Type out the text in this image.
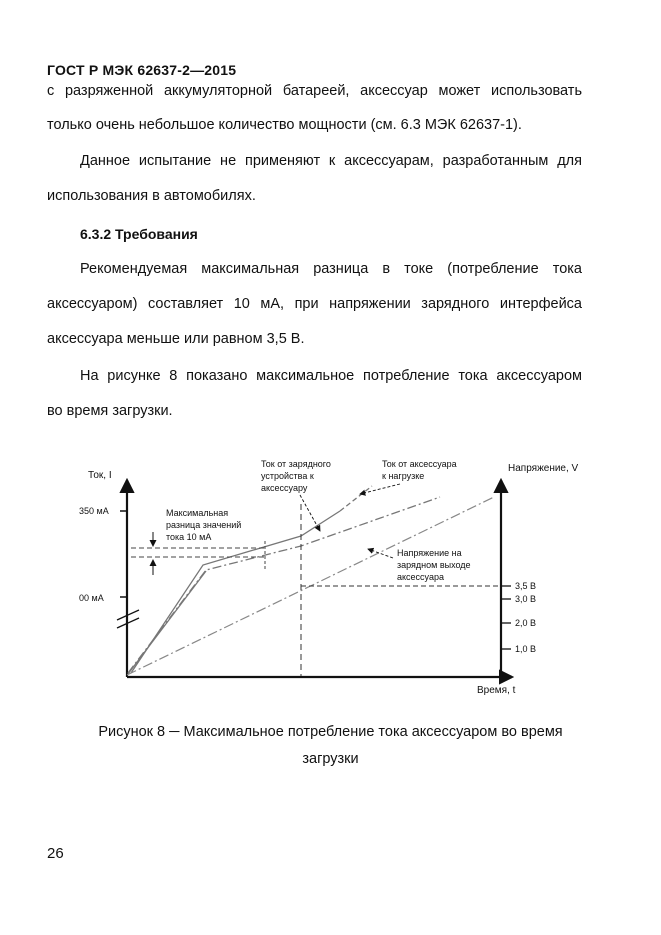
ГОСТ Р МЭК 62637-2—2015
с разряженной аккумуляторной батареей, аксессуар может использовать
только очень небольшое количество мощности (см. 6.3 МЭК 62637-1).
Данное испытание не применяют к аксессуарам, разработанным для
использования в автомобилях.
6.3.2 Требования
Рекомендуемая максимальная разница в токе (потребление тока
аксессуаром) составляет 10 мА, при напряжении зарядного интерфейса
аксессуара меньше или равном 3,5 В.
На рисунке 8 показано максимальное потребление тока аксессуаром
во время загрузки.
350 мА
00 мА
3,5 В
3,0 В
2,0 В
1,0 В
Ток, I
Напряжение, V
Время, t
Максимальная разница значений тока 10 мА
Ток от зарядного устройства к аксессуару
Ток от аксессуара к нагрузке
Напряжение на зарядном выходе аксессуара
Рисунок 8 ─ Максимальное потребление тока аксессуаром во время
загрузки
26
